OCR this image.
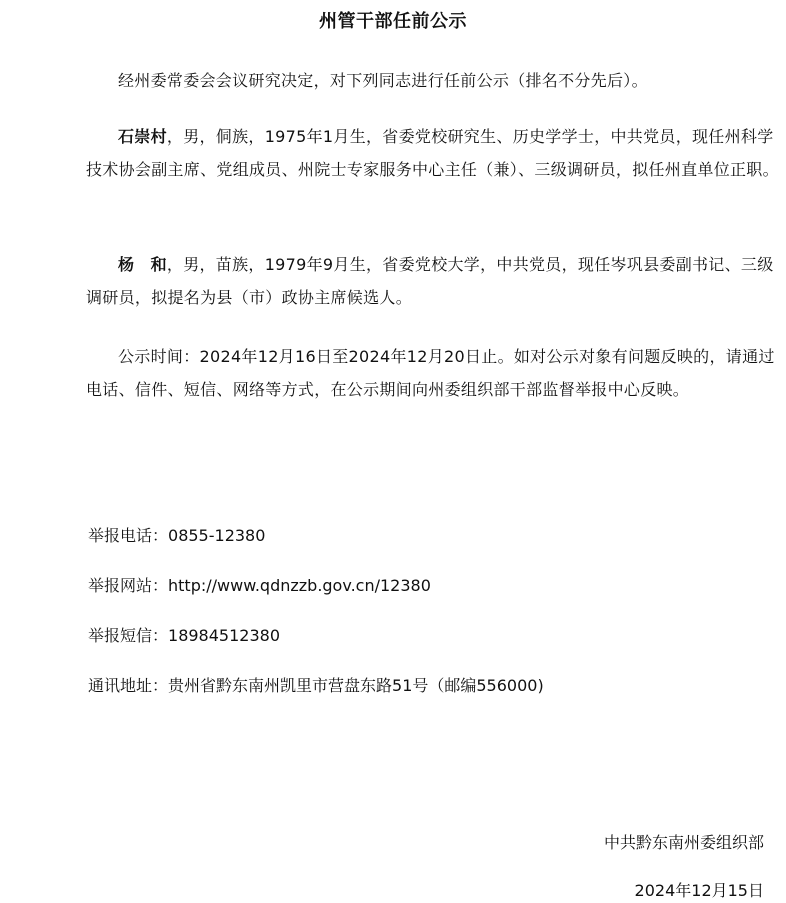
州管干部任前公示

经州委常委会会议研究决定，对下列同志进行任前公示（排名不分先后）。

石崇村，男，侗族，1975年1月生，省委党校研究生、历史学学士，中共党员，现任州科学技术协会副主席、党组成员、州院士专家服务中心主任（兼）、三级调研员，拟任州直单位正职。

杨　和，男，苗族，1979年9月生，省委党校大学，中共党员，现任岑巩县委副书记、三级调研员，拟提名为县（市）政协主席候选人。

公示时间：2024年12月16日至2024年12月20日止。如对公示对象有问题反映的，请通过电话、信件、短信、网络等方式，在公示期间向州委组织部干部监督举报中心反映。

举报电话：0855-12380
举报网站：http://www.qdnzzb.gov.cn/12380
举报短信：18984512380
通讯地址：贵州省黔东南州凯里市营盘东路51号（邮编556000)
中共黔东南州委组织部
2024年12月15日
